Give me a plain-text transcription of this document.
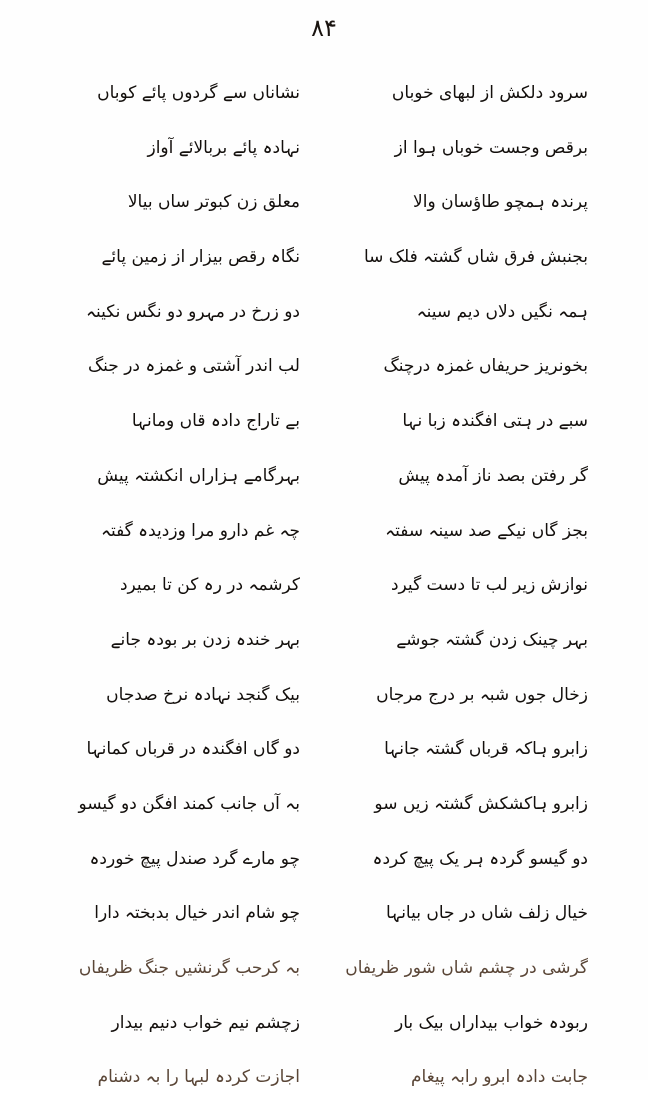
۸۴
سرود دلکش از لبهای خوباں
نشاناں سے گردوں پائے کوباں
برقص وجست خوباں ہوا از
نہادہ پائے بربالائے آواز
پرندہ ہمچو طاؤسان والا
معلق زن کبوتر ساں بیالا
بجنبش فرق شاں گشتہ فلک سا
نگاہ رقص بیزار از زمین پائے
ہمہ نگیں دلاں دیم سینہ
دو زرخ در مہرو دو نگس نکینہ
بخونریز حریفاں غمزہ درچنگ
لب اندر آشتی و غمزہ در جنگ
سبے در ہتی افگندہ زبا نہا
بے تاراج دادہ قاں ومانہا
گر رفتن بصد ناز آمدہ پیش
بہرگامے ہزاراں انکشتہ پیش
بجز گاں نیکے صد سینہ سفتہ
چہ غم دارو مرا وزدیدہ گفتہ
نوازش زیر لب تا دست گیرد
کرشمہ در رہ کن تا بمیرد
بہر چینک زدن گشتہ جوشے
بہر خندہ زدن بر بودہ جانے
زخال جوں شبہ بر درج مرجاں
بیک گنجد نہادہ نرخ صدجاں
زابرو ہاکہ قرباں گشتہ جانہا
دو گاں افگندہ در قرباں کمانہا
زابرو ہاکشکش گشتہ زیں سو
بہ آں جانب کمند افگن دو گیسو
دو گیسو گردہ ہر یک پیچ کردہ
چو مارے گرد صندل پیچ خوردہ
خیال زلف شاں در جاں بیانہا
چو شام اندر خیال بدبختہ دارا
گرشی در چشم شاں شور ظریفاں
بہ کرحب گرنشیں جنگ ظریفاں
ربودہ خواب بیداراں بیک بار
زچشم نیم خواب دنیم بیدار
جابت دادہ ابرو رابہ پیغام
اجازت کردہ لبہا را بہ دشنام
